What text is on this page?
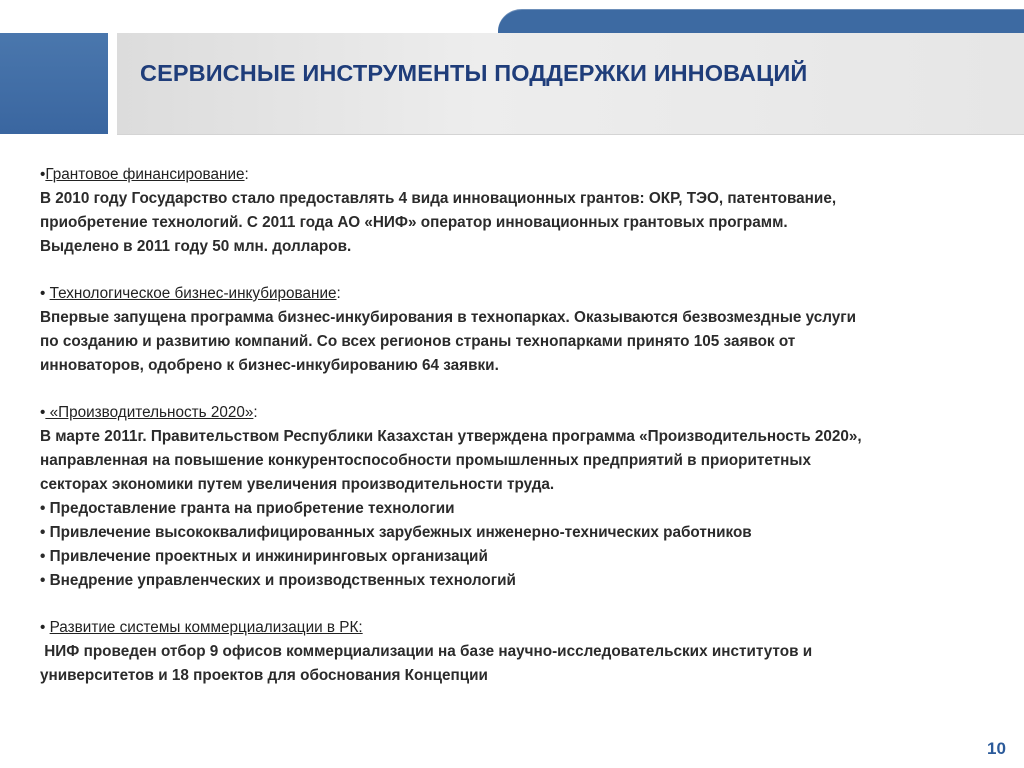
СЕРВИСНЫЕ ИНСТРУМЕНТЫ ПОДДЕРЖКИ ИННОВАЦИЙ

•Грантовое финансирование:

В 2010 году Государство стало предоставлять 4 вида инновационных грантов: ОКР, ТЭО, патентование,

приобретение технологий. С 2011 года АО «НИФ» оператор инновационных грантовых программ.

Выделено в 2011 году 50 млн. долларов.

• Технологическое бизнес-инкубирование:

Впервые запущена программа бизнес-инкубирования в технопарках. Оказываются безвозмездные услуги

по созданию и развитию компаний. Со всех регионов страны технопарками принято 105 заявок от

инноваторов, одобрено к бизнес-инкубированию 64 заявки.

• «Производительность 2020»:

В марте 2011г. Правительством Республики Казахстан утверждена программа «Производительность 2020»,

направленная на повышение конкурентоспособности промышленных предприятий в приоритетных

секторах экономики путем увеличения производительности труда.

• Предоставление гранта на приобретение технологии

• Привлечение высококвалифицированных зарубежных инженерно-технических работников

• Привлечение проектных и инжиниринговых организаций

• Внедрение управленческих и производственных технологий

• Развитие системы коммерциализации в РК:

НИФ проведен отбор 9 офисов коммерциализации на базе научно-исследовательских институтов и

университетов и 18 проектов для обоснования Концепции

10
